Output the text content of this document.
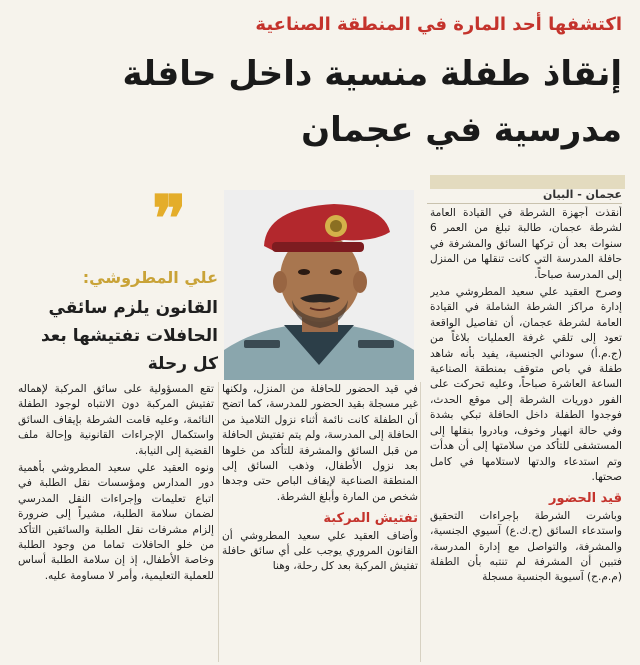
اكتشفها أحد المارة في المنطقة الصناعية
إنقاذ طفلة منسية داخل حافلة مدرسية في عجمان
عجمان - البيان
❞
علي المطروشي:
القانون يلزم سائقي الحافلات تفتيشها بعد كل رحلة

أنقذت أجهزة الشرطة في القيادة العامة لشرطة عجمان، طالبة تبلغ من العمر 6 سنوات بعد أن تركها السائق والمشرفة في حافلة المدرسة التي كانت تنقلها من المنزل إلى المدرسة صباحاً.

وصرح العقيد علي سعيد المطروشي مدير إدارة مراكز الشرطة الشاملة في القيادة العامة لشرطة عجمان، أن تفاصيل الواقعة تعود إلى تلقي غرفة العمليات بلاغاً من (ج.م.أ) سوداني الجنسية، يفيد بأنه شاهد طفلة في باص متوقف بمنطقة الصناعية الساعة العاشرة صباحاً، وعليه تحركت على الفور دوريات الشرطة إلى موقع الحدث، فوجدوا الطفلة داخل الحافلة تبكي بشدة وفي حالة انهيار وخوف، وبادروا بنقلها إلى المستشفى للتأكد من سلامتها إلى أن هدأت وتم استدعاء والدتها لاستلامها في كامل صحتها.

قيد الحضور

وباشرت الشرطة بإجراءات التحقيق واستدعاء السائق (ح.ك.ع) آسيوي الجنسية، والمشرفة، والتواصل مع إدارة المدرسة، فتبين أن المشرفة لم تنتبه بأن الطفلة (م.م.ح) آسيوية الجنسية مسجلة

في قيد الحضور للحافلة من المنزل، ولكنها غير مسجلة بقيد الحضور للمدرسة، كما اتضح أن الطفلة كانت نائمة أثناء نزول التلاميذ من الحافلة إلى المدرسة، ولم يتم تفتيش الحافلة من قبل السائق والمشرفة للتأكد من خلوها بعد نزول الأطفال، وذهب السائق إلى المنطقة الصناعية لإيقاف الباص حتى وجدها شخص من المارة وأبلغ الشرطة.

تفتيش المركبة

وأضاف العقيد علي سعيد المطروشي أن القانون المروري يوجب على أي سائق حافلة تفتيش المركبة بعد كل رحلة، وهنا

تقع المسؤولية على سائق المركبة لإهماله تفتيش المركبة دون الانتباه لوجود الطفلة النائمة، وعليه قامت الشرطة بإيقاف السائق واستكمال الإجراءات القانونية وإحالة ملف القضية إلى النيابة.

ونوه العقيد علي سعيد المطروشي بأهمية دور المدارس ومؤسسات نقل الطلبة في اتباع تعليمات وإجراءات النقل المدرسي لضمان سلامة الطلبة، مشيراً إلى ضرورة إلزام مشرفات نقل الطلبة والسائقين التأكد من خلو الحافلات تماما من وجود الطلبة وخاصة الأطفال، إذ إن سلامة الطلبة أساس للعملية التعليمية، وأمر لا مساومة عليه.
